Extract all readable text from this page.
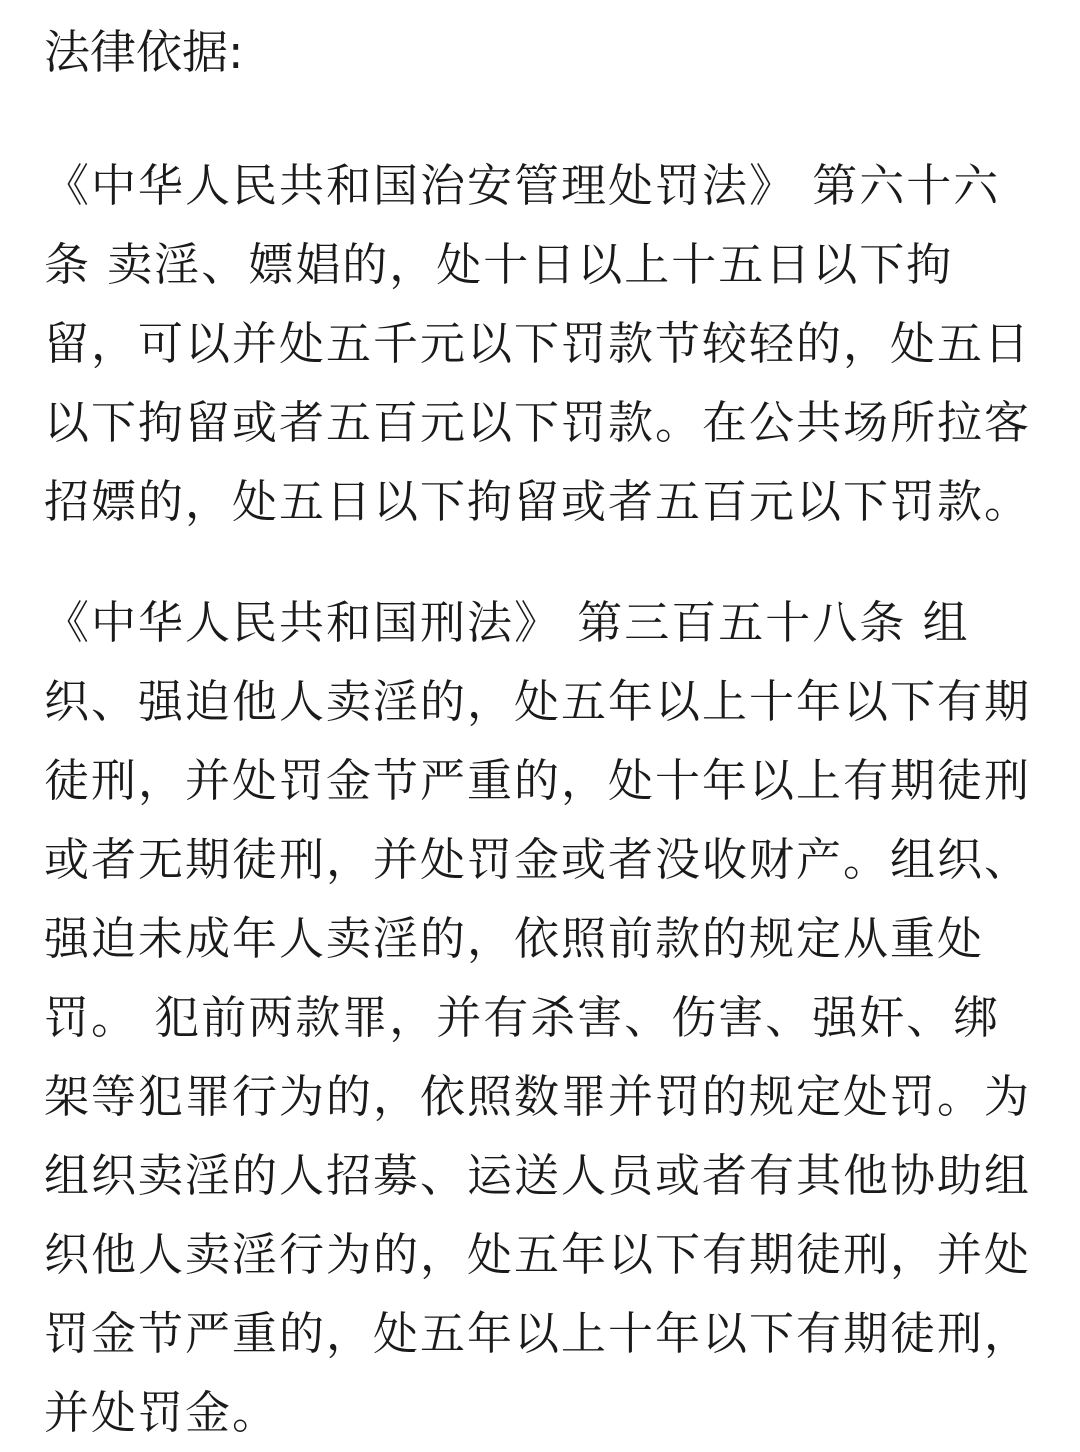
法律依据:
《中华人民共和国治安管理处罚法》 第六十六
条 卖淫、嫖娼的，处十日以上十五日以下拘
留，可以并处五千元以下罚款节较轻的，处五日
以下拘留或者五百元以下罚款。在公共场所拉客
招嫖的，处五日以下拘留或者五百元以下罚款。
《中华人民共和国刑法》 第三百五十八条 组
织、强迫他人卖淫的，处五年以上十年以下有期
徒刑，并处罚金节严重的，处十年以上有期徒刑
或者无期徒刑，并处罚金或者没收财产。组织、
强迫未成年人卖淫的，依照前款的规定从重处
罚。 犯前两款罪，并有杀害、伤害、强奸、绑
架等犯罪行为的，依照数罪并罚的规定处罚。为
组织卖淫的人招募、运送人员或者有其他协助组
织他人卖淫行为的，处五年以下有期徒刑，并处
罚金节严重的，处五年以上十年以下有期徒刑，
并处罚金。
